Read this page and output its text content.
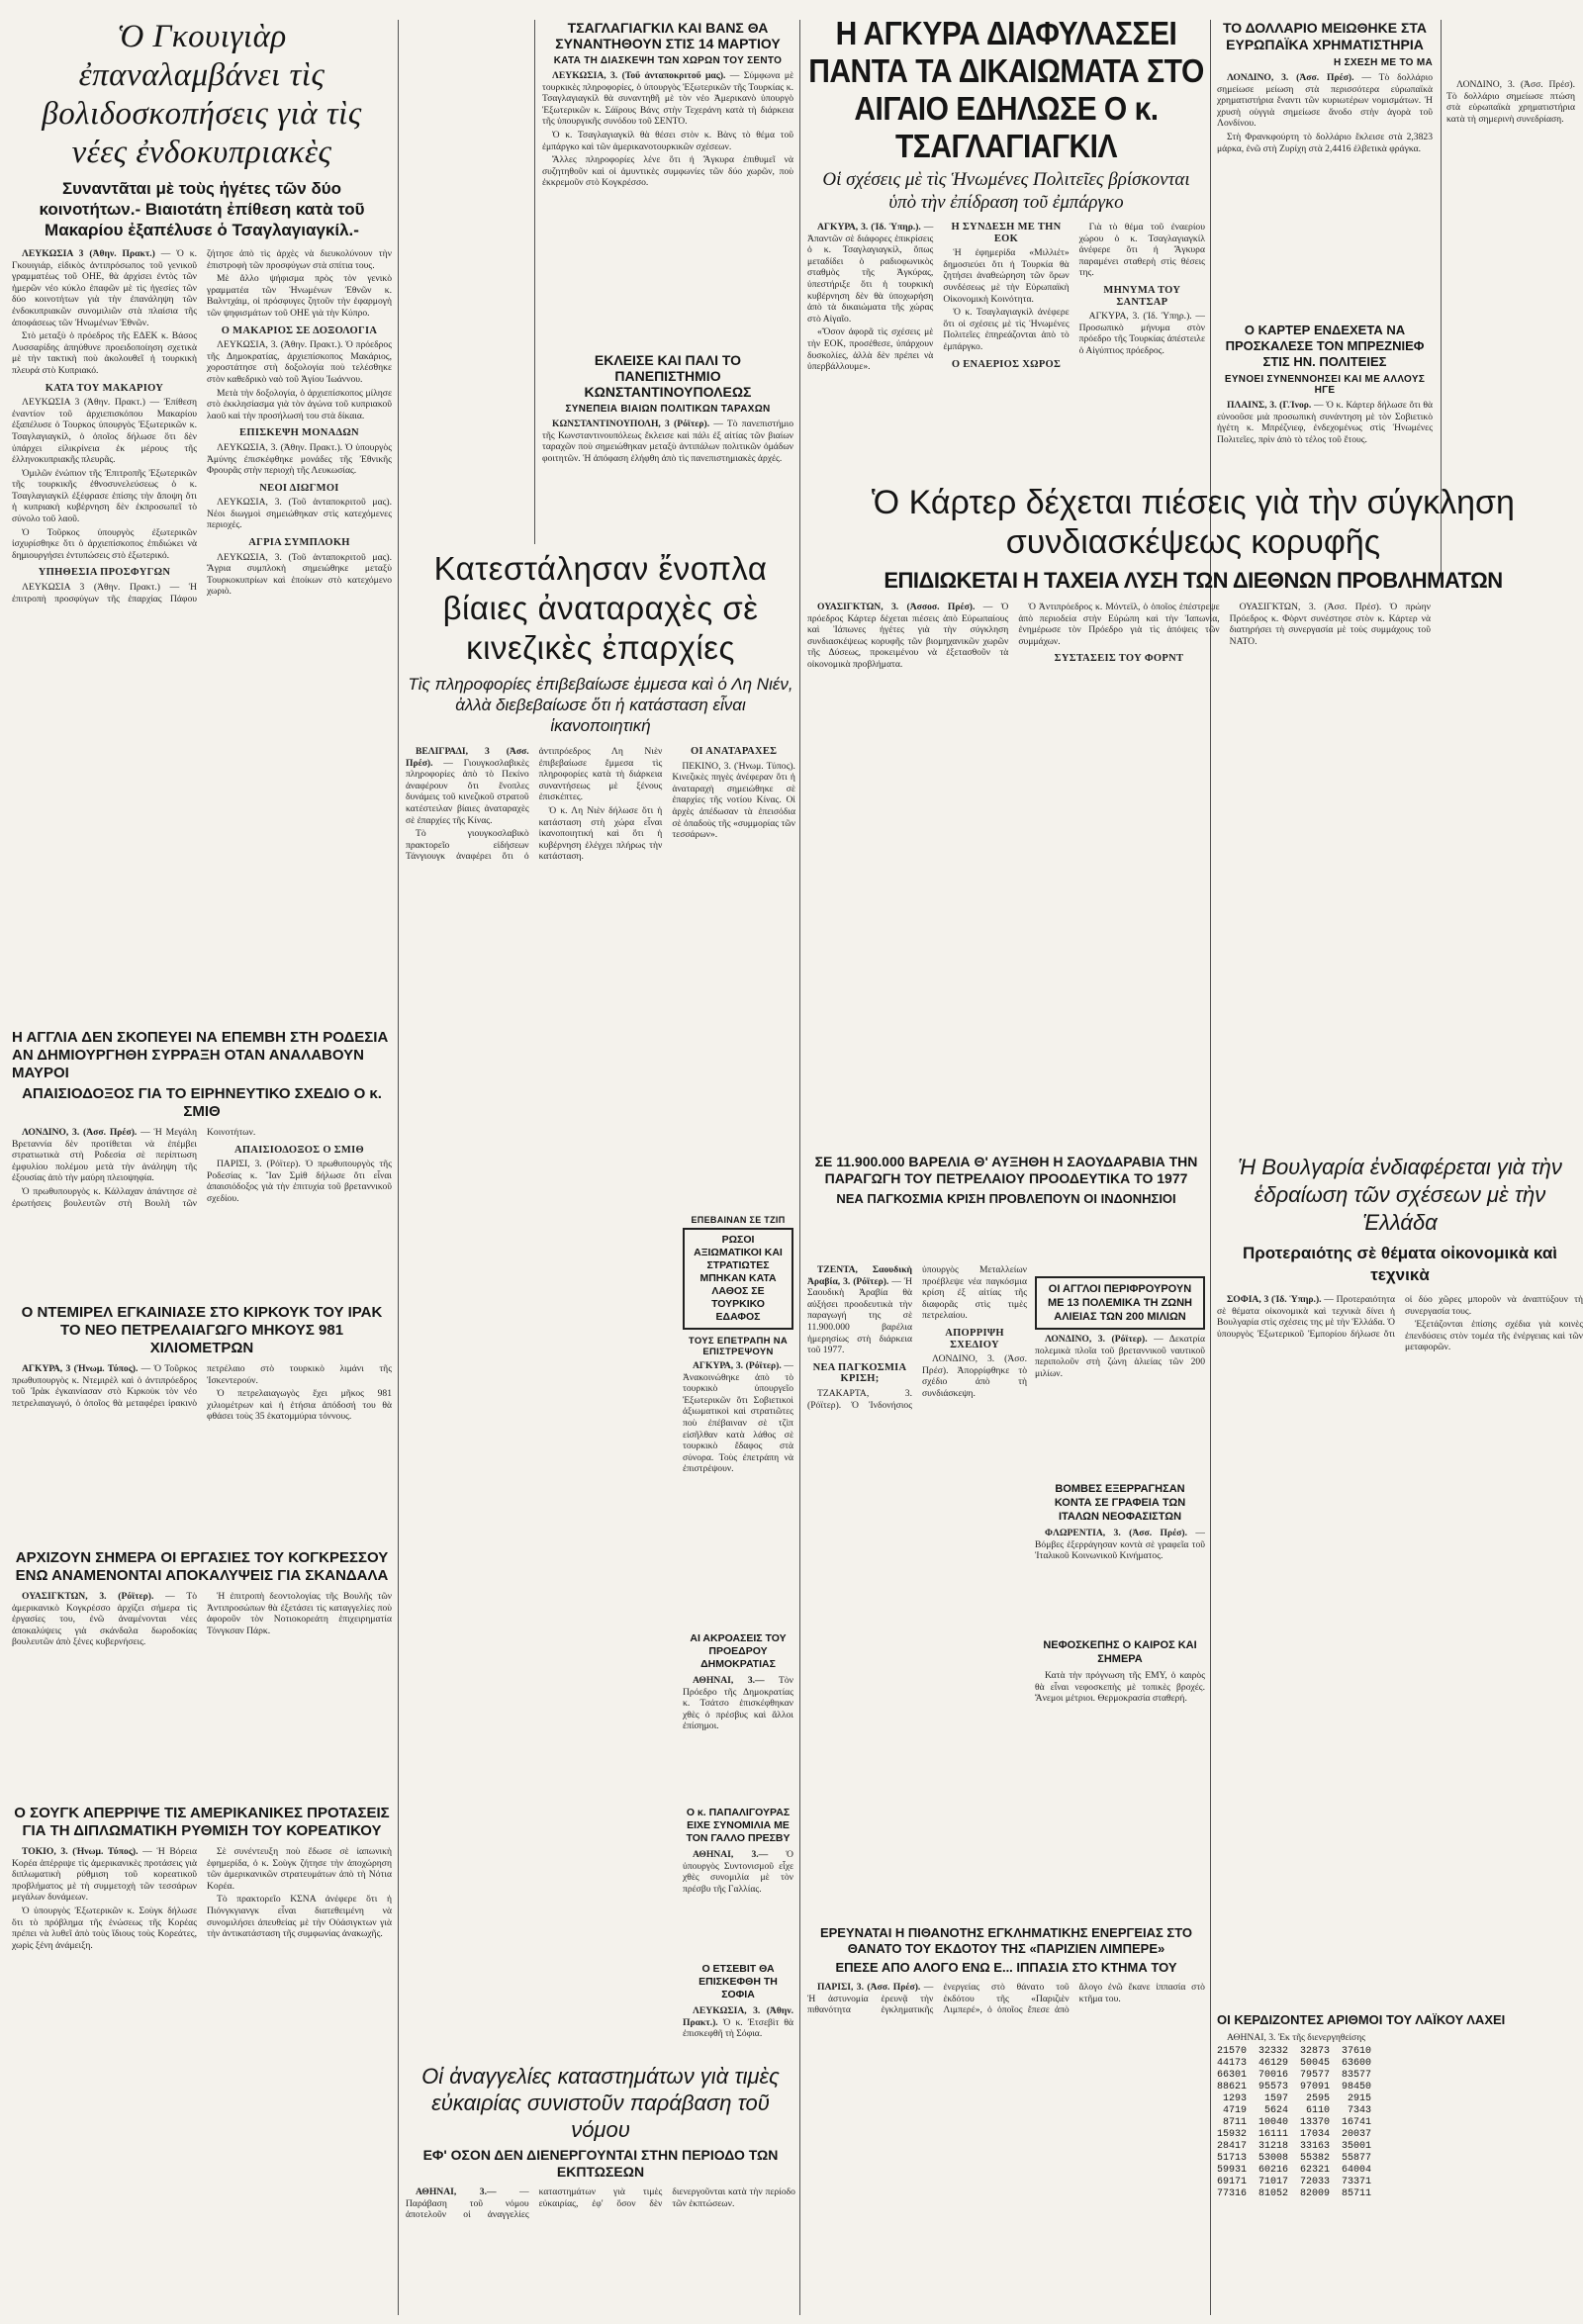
Ὁ Γκουιγιὰρ ἐπαναλαμβάνει τὶς βολιδοσκοπήσεις γιὰ τὶς νέες ἐνδοκυπριακὲς
Συναντᾶται μὲ τοὺς ἡγέτες τῶν δύο κοινοτήτων.- Βιαιοτάτη ἐπίθεση κατὰ τοῦ Μακαρίου ἐξαπέλυσε ὁ Τσαγλαγιαγκίλ.-

ΛΕΥΚΩΣΙΑ 3 (Ἀθην. Πρακτ.) — Ὁ κ. Γκουιγιάρ, εἰδικὸς ἀντιπρόσωπος τοῦ γενικοῦ γραμματέως τοῦ ΟΗΕ, θὰ ἀρχίσει ἐντὸς τῶν ἡμερῶν νέο κύκλο ἐπαφῶν μὲ τὶς ἡγεσίες τῶν δύο κοινοτήτων γιὰ τὴν ἐπανάληψη τῶν ἐνδοκυπριακῶν συνομιλιῶν στὰ πλαίσια τῆς ἀποφάσεως τῶν Ἡνωμένων Ἐθνῶν.

Στὸ μεταξὺ ὁ πρόεδρος τῆς ΕΔΕΚ κ. Βάσος Λυσσαρίδης ἀπηύθυνε προειδοποίηση σχετικὰ μὲ τὴν τακτικὴ ποὺ ἀκολουθεῖ ἡ τουρκικὴ πλευρά στὸ Κυπριακό.

ΚΑΤΑ ΤΟΥ ΜΑΚΑΡΙΟΥ

ΛΕΥΚΩΣΙΑ 3 (Ἀθην. Πρακτ.) — Ἐπίθεση ἐναντίον τοῦ ἀρχιεπισκόπου Μακαρίου ἐξαπέλυσε ὁ Τουρκος ὑπουργὸς Ἐξωτερικῶν κ. Τσαγλαγιαγκίλ, ὁ ὁποῖος δήλωσε ὅτι δὲν ὑπάρχει εἰλικρίνεια ἐκ μέρους τῆς ἑλληνοκυπριακῆς πλευρᾶς.

Ὁμιλῶν ἐνώπιον τῆς Ἐπιτροπῆς Ἐξωτερικῶν τῆς τουρκικῆς ἐθνοσυνελεύσεως ὁ κ. Τσαγλαγιαγκίλ ἐξέφρασε ἐπίσης τὴν ἄποψη ὅτι ἡ κυπριακὴ κυβέρνηση δὲν ἐκπροσωπεῖ τὸ σύνολο τοῦ λαοῦ.

Ὁ Τοῦρκος ὑπουργὸς ἐξωτερικῶν ἰσχυρίσθηκε ὅτι ὁ ἀρχιεπίσκοπος ἐπιδιώκει νὰ δημιουργήσει ἐντυπώσεις στὸ ἐξωτερικό.

ΥΠΗΘΕΣΙΑ ΠΡΟΣΦΥΓΩΝ

ΛΕΥΚΩΣΙΑ 3 (Ἀθην. Πρακτ.) — Ἡ ἐπιτροπὴ προσφύγων τῆς ἐπαρχίας Πάφου ζήτησε ἀπὸ τὶς ἀρχὲς νὰ διευκολύνουν τὴν ἐπιστροφὴ τῶν προσφύγων στὰ σπίτια τους.

Μὲ ἄλλο ψήφισμα πρὸς τὸν γενικὸ γραμματέα τῶν Ἡνωμένων Ἐθνῶν κ. Βαλντχάιμ, οἱ πρόσφυγες ζητοῦν τὴν ἐφαρμογὴ τῶν ψηφισμάτων τοῦ ΟΗΕ γιὰ τὴν Κύπρο.

Ο ΜΑΚΑΡΙΟΣ ΣΕ ΔΟΞΟΛΟΓΙΑ

ΛΕΥΚΩΣΙΑ, 3. (Ἀθην. Πρακτ.). Ὁ πρόεδρος τῆς Δημοκρατίας, ἀρχιεπίσκοπος Μακάριος, χοροστάτησε στὴ δοξολογία ποὺ τελέσθηκε στὸν καθεδρικὸ ναὸ τοῦ Ἁγίου Ἰωάννου.

Μετὰ τὴν δοξολογία, ὁ ἀρχιεπίσκοπος μίλησε στὸ ἐκκλησίασμα γιὰ τὸν ἀγώνα τοῦ κυπριακοῦ λαοῦ καὶ τὴν προσήλωσή του στὰ δίκαια.

ΕΠΙΣΚΕΨΗ ΜΟΝΑΔΩΝ

ΛΕΥΚΩΣΙΑ, 3. (Ἀθην. Πρακτ.). Ὁ ὑπουργὸς Ἀμύνης ἐπισκέφθηκε μονάδες τῆς Ἐθνικῆς Φρουρᾶς στὴν περιοχὴ τῆς Λευκωσίας.

ΝΕΟΙ ΔΙΩΓΜΟΙ

ΛΕΥΚΩΣΙΑ, 3. (Τοῦ ἀνταποκριτοῦ μας). Νέοι διωγμοὶ σημειώθηκαν στὶς κατεχόμενες περιοχές.

ΑΓΡΙΑ ΣΥΜΠΛΟΚΗ

ΛΕΥΚΩΣΙΑ, 3. (Τοῦ ἀνταποκριτοῦ μας). Ἄγρια συμπλοκὴ σημειώθηκε μεταξὺ Τουρκοκυπρίων καὶ ἐποίκων στὸ κατεχόμενο χωριὸ.

ΤΣΑΓΛΑΓΙΑΓΚΙΛ ΚΑΙ ΒΑΝΣ ΘΑ ΣΥΝΑΝΤΗΘΟΥΝ ΣΤΙΣ 14 ΜΑΡΤΙΟΥ
ΚΑΤΑ ΤΗ ΔΙΑΣΚΕΨΗ ΤΩΝ ΧΩΡΩΝ ΤΟΥ ΣΕΝΤΟ

ΛΕΥΚΩΣΙΑ, 3. (Τοῦ ἀνταποκριτοῦ μας). — Σύμφωνα μὲ τουρκικὲς πληροφορίες, ὁ ὑπουργὸς Ἐξωτερικῶν τῆς Τουρκίας κ. Τσαγλαγιαγκίλ θὰ συναντηθῆ μὲ τὸν νέο Ἀμερικανὸ ὑπουργὸ Ἐξωτερικῶν κ. Σάϊρους Βάνς στὴν Τεχεράνη κατὰ τὴ διάρκεια τῆς ὑπουργικῆς συνόδου τοῦ ΣΕΝΤΟ.

Ὁ κ. Τσαγλαγιαγκίλ θὰ θέσει στὸν κ. Βὰνς τὸ θέμα τοῦ ἐμπάργκο καὶ τῶν ἀμερικανοτουρκικῶν σχέσεων.

Ἄλλες πληροφορίες λένε ὅτι ἡ Ἄγκυρα ἐπιθυμεῖ νὰ συζητηθοῦν καὶ οἱ ἀμυντικὲς συμφωνίες τῶν δύο χωρῶν, ποὺ ἐκκρεμοῦν στὸ Κογκρέσσο.

ΕΚΛΕΙΣΕ ΚΑΙ ΠΑΛΙ ΤΟ ΠΑΝΕΠΙΣΤΗΜΙΟ ΚΩΝΣΤΑΝΤΙΝΟΥΠΟΛΕΩΣ
ΣΥΝΕΠΕΙΑ ΒΙΑΙΩΝ ΠΟΛΙΤΙΚΩΝ ΤΑΡΑΧΩΝ

ΚΩΝΣΤΑΝΤΙΝΟΥΠΟΛΗ, 3 (Ρόϊτερ). — Τὸ πανεπιστήμιο τῆς Κωνσταντινουπόλεως ἔκλεισε καὶ πάλι ἐξ αἰτίας τῶν βιαίων ταραχῶν ποὺ σημειώθηκαν μεταξὺ ἀντιπάλων πολιτικῶν ὁμάδων φοιτητῶν. Ἡ ἀπόφαση ἐλήφθη ἀπὸ τὶς πανεπιστημιακὲς ἀρχές.

Η ΑΓΚΥΡΑ ΔΙΑΦΥΛΑΣΣΕΙ ΠΑΝΤΑ ΤΑ ΔΙΚΑΙΩΜΑΤΑ ΣΤΟ ΑΙΓΑΙΟ ΕΔΗΛΩΣΕ Ο κ. ΤΣΑΓΛΑΓΙΑΓΚΙΛ
Οἱ σχέσεις μὲ τὶς Ἡνωμένες Πολιτεῖες βρίσκονται ὑπὸ τὴν ἐπίδραση τοῦ ἐμπάργκο

ΑΓΚΥΡΑ, 3. (Ἰδ. Ὑπηρ.). — Ἀπαντῶν σὲ διάφορες ἐπικρίσεις ὁ κ. Τσαγλαγιαγκίλ, ὅπως μεταδίδει ὁ ραδιοφωνικὸς σταθμὸς τῆς Ἀγκύρας, ὑπεστήριξε ὅτι ἡ τουρκικὴ κυβέρνηση δὲν θὰ ὑποχωρήση ἀπὸ τὰ δικαιώματα τῆς χώρας στὸ Αἰγαῖο.

«Ὅσον ἀφορᾶ τὶς σχέσεις μὲ τὴν ΕΟΚ, προσέθεσε, ὑπάρχουν δυσκολίες, ἀλλὰ δὲν πρέπει νὰ ὑπερβάλλουμε».

Η ΣΥΝΔΕΣΗ ΜΕ ΤΗΝ ΕΟΚ

Ἡ ἐφημερίδα «Μιλλιέτ» δημοσιεύει ὅτι ἡ Τουρκία θὰ ζητήσει ἀναθεώρηση τῶν ὅρων συνδέσεως μὲ τὴν Εὐρωπαϊκὴ Οἰκονομικὴ Κοινότητα.

Ὁ κ. Τσαγλαγιαγκίλ ἀνέφερε ὅτι οἱ σχέσεις μὲ τὶς Ἡνωμένες Πολιτεῖες ἐπηρεάζονται ἀπὸ τὸ ἐμπάργκο.

Ο ΕΝΑΕΡΙΟΣ ΧΩΡΟΣ

Γιὰ τὸ θέμα τοῦ ἐναερίου χώρου ὁ κ. Τσαγλαγιαγκίλ ἀνέφερε ὅτι ἡ Ἄγκυρα παραμένει σταθερὴ στὶς θέσεις της.

ΜΗΝΥΜΑ ΤΟΥ ΣΑΝΤΣΑΡ

ΑΓΚΥΡΑ, 3. (Ἰδ. Ὑπηρ.). — Προσωπικὸ μήνυμα στὸν πρόεδρο τῆς Τουρκίας ἀπέστειλε ὁ Αἰγύπτιος πρόεδρος.

ΤΟ ΔΟΛΛΑΡΙΟ ΜΕΙΩΘΗΚΕ ΣΤΑ ΕΥΡΩΠΑΪΚΑ ΧΡΗΜΑΤΙΣΤΗΡΙΑ
Η ΣΧΕΣΗ ΜΕ ΤΟ ΜΑ

ΛΟΝΔΙΝΟ, 3. (Ἀσσ. Πρέσ). — Τὸ δολλάριο σημείωσε μείωση στὰ περισσότερα εὐρωπαϊκὰ χρηματιστήρια ἔναντι τῶν κυριωτέρων νομισμάτων. Ἡ χρυσὴ οὐγγιὰ σημείωσε ἄνοδο στὴν ἀγορὰ τοῦ Λονδίνου.

Στὴ Φρανκφούρτη τὸ δολλάριο ἔκλεισε στὰ 2,3823 μάρκα, ἐνῶ στὴ Ζυρίχη στὰ 2,4416 ἑλβετικὰ φράγκα.

Ο ΚΑΡΤΕΡ ΕΝΔΕΧΕΤΑ ΝΑ ΠΡΟΣΚΑΛΕΣΕ ΤΟΝ ΜΠΡΕΖΝΙΕΦ ΣΤΙΣ ΗΝ. ΠΟΛΙΤΕΙΕΣ
ΕΥΝΟΕΙ ΣΥΝΕΝΝΟΗΣΕΙ ΚΑΙ ΜΕ ΑΛΛΟΥΣ ΗΓΕ

ΠΛΑΙΝΣ, 3. (Γ.Ἰνορ. — Ὁ κ. Κάρτερ δήλωσε ὅτι θὰ εὐνοοῦσε μιὰ προσωπικὴ συνάντηση μὲ τὸν Σοβιετικὸ ἡγέτη κ. Μπρέζνιεφ, ἐνδεχομένως στὶς Ἡνωμένες Πολιτεῖες, πρὶν ἀπὸ τὸ τέλος τοῦ ἔτους.

ΛΟΝΔΙΝΟ, 3. (Ἀσσ. Πρέσ). Τὸ δολλάριο σημείωσε πτώση στὰ εὐρωπαϊκὰ χρηματιστήρια κατὰ τὴ σημερινὴ συνεδρίαση.

Κατεστάλησαν ἔνοπλα βίαιες ἀναταραχὲς σὲ κινεζικὲς ἐπαρχίες
Τὶς πληροφορίες ἐπιβεβαίωσε ἐμμεσα καὶ ὁ Λη Νιέν, ἀλλὰ διεβεβαίωσε ὅτι ἡ κατάσταση εἶναι ἱκανοποιητική

ΒΕΛΙΓΡΑΔΙ, 3 (Ἀσσ. Πρέσ). — Γιουγκοσλαβικὲς πληροφορίες ἀπὸ τὸ Πεκίνο ἀναφέρουν ὅτι ἔνοπλες δυνάμεις τοῦ κινεζικοῦ στρατοῦ κατέστειλαν βίαιες ἀναταραχὲς σὲ ἐπαρχίες τῆς Κίνας.

Τὸ γιουγκοσλαβικὸ πρακτορεῖο εἰδήσεων Τάνγιουγκ ἀναφέρει ὅτι ὁ ἀντιπρόεδρος Λη Νιὲν ἐπιβεβαίωσε ἔμμεσα τὶς πληροφορίες κατὰ τὴ διάρκεια συναντήσεως μὲ ξένους ἐπισκέπτες.

Ὁ κ. Λη Νιὲν δήλωσε ὅτι ἡ κατάσταση στὴ χώρα εἶναι ἱκανοποιητική καὶ ὅτι ἡ κυβέρνηση ἐλέγχει πλήρως τὴν κατάσταση.

ΟΙ ΑΝΑΤΑΡΑΧΕΣ

ΠΕΚΙΝΟ, 3. (Ἡνωμ. Τύπος). Κινεζικὲς πηγὲς ἀνέφεραν ὅτι ἡ ἀναταραχὴ σημειώθηκε σὲ ἐπαρχίες τῆς νοτίου Κίνας. Οἱ ἀρχὲς ἀπέδωσαν τὰ ἐπεισόδια σὲ ὀπαδοὺς τῆς «συμμορίας τῶν τεσσάρων».

Η ΑΓΓΛΙΑ ΔΕΝ ΣΚΟΠΕΥΕΙ ΝΑ ΕΠΕΜΒΗ ΣΤΗ ΡΟΔΕΣΙΑ ΑΝ ΔΗΜΙΟΥΡΓΗΘΗ ΣΥΡΡΑΞΗ ΟΤΑΝ ΑΝΑΛΑΒΟΥΝ ΜΑΥΡΟΙ
ΑΠΑΙΣΙΟΔΟΞΟΣ ΓΙΑ ΤΟ ΕΙΡΗΝΕΥΤΙΚΟ ΣΧΕΔΙΟ Ο κ. ΣΜΙΘ

ΛΟΝΔΙΝΟ, 3. (Ἀσσ. Πρέσ). — Ἡ Μεγάλη Βρεταννία δὲν προτίθεται νὰ ἐπέμβει στρατιωτικὰ στὴ Ροδεσία σὲ περίπτωση ἐμφυλίου πολέμου μετὰ τὴν ἀνάληψη τῆς ἐξουσίας ἀπὸ τὴν μαύρη πλειοψηφία.

Ὁ πρωθυπουργὸς κ. Κάλλαχαν ἀπάντησε σὲ ἐρωτήσεις βουλευτῶν στὴ Βουλὴ τῶν Κοινοτήτων.

ΑΠΑΙΣΙΟΔΟΞΟΣ Ο ΣΜΙΘ

ΠΑΡΙΣΙ, 3. (Ρόϊτερ). Ὁ πρωθυπουργὸς τῆς Ροδεσίας κ. Ἴαν Σμὶθ δήλωσε ὅτι εἶναι ἀπαισιόδοξος γιὰ τὴν ἐπιτυχία τοῦ βρεταννικοῦ σχεδίου.

Ο ΝΤΕΜΙΡΕΛ ΕΓΚΑΙΝΙΑΣΕ ΣΤΟ ΚΙΡΚΟΥΚ ΤΟΥ ΙΡΑΚ ΤΟ ΝΕΟ ΠΕΤΡΕΛΑΙΑΓΩΓΟ ΜΗΚΟΥΣ 981 ΧΙΛΙΟΜΕΤΡΩΝ

ΑΓΚΥΡΑ, 3 (Ἡνωμ. Τύπος). — Ὁ Τοῦρκος πρωθυπουργὸς κ. Ντεμιρὲλ καὶ ὁ ἀντιπρόεδρος τοῦ Ἰρὰκ ἐγκαινίασαν στὸ Κιρκοὺκ τὸν νέο πετρελαιαγωγό, ὁ ὁποῖος θὰ μεταφέρει ἰρακινὸ πετρέλαιο στὸ τουρκικὸ λιμάνι τῆς Ἰσκεντερούν.

Ὁ πετρελαιαγωγὸς ἔχει μῆκος 981 χιλιομέτρων καὶ ἡ ἐτήσια ἀπόδοσή του θὰ φθάσει τοὺς 35 ἑκατομμύρια τόννους.

ΑΡΧΙΖΟΥΝ ΣΗΜΕΡΑ ΟΙ ΕΡΓΑΣΙΕΣ ΤΟΥ ΚΟΓΚΡΕΣΣΟΥ ΕΝΩ ΑΝΑΜΕΝΟΝΤΑΙ ΑΠΟΚΑΛΥΨΕΙΣ ΓΙΑ ΣΚΑΝΔΑΛΑ

ΟΥΑΣΙΓΚΤΩΝ, 3. (Ρόϊτερ). — Τὸ ἀμερικανικὸ Κογκρέσσο ἀρχίζει σήμερα τὶς ἐργασίες του, ἐνῶ ἀναμένονται νέες ἀποκαλύψεις γιὰ σκάνδαλα δωροδοκίας βουλευτῶν ἀπὸ ξένες κυβερνήσεις.

Ἡ ἐπιτροπὴ δεοντολογίας τῆς Βουλῆς τῶν Ἀντιπροσώπων θὰ ἐξετάσει τὶς καταγγελίες ποὺ ἀφοροῦν τὸν Νοτιοκορεάτη ἐπιχειρηματία Τόνγκσαν Πάρκ.

Ο ΣΟΥΓΚ ΑΠΕΡΡΙΨΕ ΤΙΣ ΑΜΕΡΙΚΑΝΙΚΕΣ ΠΡΟΤΑΣΕΙΣ ΓΙΑ ΤΗ ΔΙΠΛΩΜΑΤΙΚΗ ΡΥΘΜΙΣΗ ΤΟΥ ΚΟΡΕΑΤΙΚΟΥ

ΤΟΚΙΟ, 3. (Ἡνωμ. Τύπος). — Ἡ Βόρεια Κορέα ἀπέρριψε τὶς ἀμερικανικὲς προτάσεις γιὰ διπλωματικὴ ρύθμιση τοῦ κορεατικοῦ προβλήματος μὲ τὴ συμμετοχὴ τῶν τεσσάρων μεγάλων δυνάμεων.

Ὁ ὑπουργὸς Ἐξωτερικῶν κ. Σοὺγκ δήλωσε ὅτι τὸ πρόβλημα τῆς ἑνώσεως τῆς Κορέας πρέπει νὰ λυθεῖ ἀπὸ τοὺς ἴδιους τοὺς Κορεάτες, χωρὶς ξένη ἀνάμειξη.

Σὲ συνέντευξη ποὺ ἔδωσε σὲ ἰαπωνικὴ ἐφημερίδα, ὁ κ. Σοὺγκ ζήτησε τὴν ἀποχώρηση τῶν ἀμερικανικῶν στρατευμάτων ἀπὸ τὴ Νότια Κορέα.

Τὸ πρακτορεῖο ΚΣΝΑ ἀνέφερε ὅτι ἡ Πιόνγκγιανγκ εἶναι διατεθειμένη νὰ συνομιλήσει ἀπευθείας μὲ τὴν Οὐάσιγκτων γιὰ τὴν ἀντικατάσταση τῆς συμφωνίας ἀνακωχῆς.

ΕΠΕΒΑΙΝΑΝ ΣΕ ΤΖΙΠ
ΡΩΣΟΙ ΑΞΙΩΜΑΤΙΚΟΙ ΚΑΙ ΣΤΡΑΤΙΩΤΕΣ ΜΠΗΚΑΝ ΚΑΤΑ ΛΑΘΟΣ ΣΕ ΤΟΥΡΚΙΚΟ ΕΔΑΦΟΣ
ΤΟΥΣ ΕΠΕΤΡΑΠΗ ΝΑ ΕΠΙΣΤΡΕΨΟΥΝ

ΑΓΚΥΡΑ, 3. (Ρόϊτερ). — Ἀνακοινώθηκε ἀπὸ τὸ τουρκικὸ ὑπουργεῖο Ἐξωτερικῶν ὅτι Σοβιετικοὶ ἀξιωματικοὶ καὶ στρατιῶτες ποὺ ἐπέβαιναν σὲ τζὶπ εἰσῆλθαν κατὰ λάθος σὲ τουρκικὸ ἔδαφος στὰ σύνορα. Τοὺς ἐπετράπη νὰ ἐπιστρέψουν.

ΑΙ ΑΚΡΟΑΣΕΙΣ ΤΟΥ ΠΡΟΕΔΡΟΥ ΔΗΜΟΚΡΑΤΙΑΣ

ΑΘΗΝΑΙ, 3.— Τὸν Πρόεδρο τῆς Δημοκρατίας κ. Τσάτσο ἐπισκέφθηκαν χθὲς ὁ πρέσβυς καὶ ἄλλοι ἐπίσημοι.

Ο κ. ΠΑΠΑΛΙΓΟΥΡΑΣ ΕΙΧΕ ΣΥΝΟΜΙΛΙΑ ΜΕ ΤΟΝ ΓΑΛΛΟ ΠΡΕΣΒΥ

ΑΘΗΝΑΙ, 3.— Ὁ ὑπουργὸς Συντονισμοῦ εἶχε χθὲς συνομιλία μὲ τὸν πρέσβυ τῆς Γαλλίας.

Ο ΕΤΣΕΒΙΤ ΘΑ ΕΠΙΣΚΕΦΘΗ ΤΗ ΣΟΦΙΑ

ΛΕΥΚΩΣΙΑ, 3. (Ἀθην. Πρακτ.). Ὁ κ. Ἐτσεβὶτ θὰ ἐπισκεφθῆ τὴ Σόφια.

Οἱ ἀναγγελίες καταστημάτων γιὰ τιμὲς εὐκαιρίας συνιστοῦν παράβαση τοῦ νόμου
ΕΦ' ΟΣΟΝ ΔΕΝ ΔΙΕΝΕΡΓΟΥΝΤΑΙ ΣΤΗΝ ΠΕΡΙΟΔΟ ΤΩΝ ΕΚΠΤΩΣΕΩΝ

ΑΘΗΝΑΙ, 3.— — Παράβαση τοῦ νόμου ἀποτελοῦν οἱ ἀναγγελίες καταστημάτων γιὰ τιμὲς εὐκαιρίας, ἐφ' ὅσον δὲν διενεργοῦνται κατὰ τὴν περίοδο τῶν ἐκπτώσεων.

Ὁ Κάρτερ δέχεται πιέσεις γιὰ τὴν σύγκληση συνδιασκέψεως κορυφῆς
ΕΠΙΔΙΩΚΕΤΑΙ Η ΤΑΧΕΙΑ ΛΥΣΗ ΤΩΝ ΔΙΕΘΝΩΝ ΠΡΟΒΛΗΜΑΤΩΝ

ΟΥΑΣΙΓΚΤΩΝ, 3. (Ἀσσοσ. Πρέσ). — Ὁ πρόεδρος Κάρτερ δέχεται πιέσεις ἀπὸ Εὐρωπαίους καὶ Ἰάπωνες ἡγέτες γιὰ τὴν σύγκληση συνδιασκέψεως κορυφῆς τῶν βιομηχανικῶν χωρῶν τῆς Δύσεως, προκειμένου νὰ ἐξετασθοῦν τὰ οἰκονομικὰ προβλήματα.

Ὁ Ἀντιπρόεδρος κ. Μόντεϊλ, ὁ ὁποῖος ἐπέστρεψε ἀπὸ περιοδεία στὴν Εὐρώπη καὶ τὴν Ἰαπωνία, ἐνημέρωσε τὸν Πρόεδρο γιὰ τὶς ἀπόψεις τῶν συμμάχων.

ΣΥΣΤΑΣΕΙΣ ΤΟΥ ΦΟΡΝΤ

ΟΥΑΣΙΓΚΤΩΝ, 3. (Ἀσσ. Πρέσ). Ὁ πρώην Πρόεδρος κ. Φὸρντ συνέστησε στὸν κ. Κάρτερ νὰ διατηρήσει τὴ συνεργασία μὲ τοὺς συμμάχους τοῦ ΝΑΤΟ.

ΣΕ 11.900.000 ΒΑΡΕΛΙΑ Θ' ΑΥΞΗΘΗ Η ΣΑΟΥΔΑΡΑΒΙΑ ΤΗΝ ΠΑΡΑΓΩΓΗ ΤΟΥ ΠΕΤΡΕΛΑΙΟΥ ΠΡΟΟΔΕΥΤΙΚΑ ΤΟ 1977
ΝΕΑ ΠΑΓΚΟΣΜΙΑ ΚΡΙΣΗ ΠΡΟΒΛΕΠΟΥΝ ΟΙ ΙΝΔΟΝΗΣΙΟΙ

ΤΖΕΝΤΑ, Σαουδικὴ Ἀραβία, 3. (Ρόϊτερ). — Ἡ Σαουδικὴ Ἀραβία θὰ αὐξήσει προοδευτικὰ τὴν παραγωγή της σὲ 11.900.000 βαρέλια ἡμερησίως στὴ διάρκεια τοῦ 1977.

ΝΕΑ ΠΑΓΚΟΣΜΙΑ ΚΡΙΣΗ;

ΤΖΑΚΑΡΤΑ, 3. (Ρόϊτερ). Ὁ Ἰνδονήσιος ὑπουργὸς Μεταλλείων προέβλεψε νέα παγκόσμια κρίση ἐξ αἰτίας τῆς διαφορᾶς στὶς τιμὲς πετρελαίου.

ΑΠΟΡΡΙΨΗ ΣΧΕΔΙΟΥ

ΛΟΝΔΙΝΟ, 3. (Ἀσσ. Πρέσ). Ἀπορρίφθηκε τὸ σχέδιο ἀπὸ τὴ συνδιάσκεψη.

ΟΙ ΑΓΓΛΟΙ ΠΕΡΙΦΡΟΥΡΟΥΝ ΜΕ 13 ΠΟΛΕΜΙΚΑ ΤΗ ΖΩΝΗ ΑΛΙΕΙΑΣ ΤΩΝ 200 ΜΙΛΙΩΝ

ΛΟΝΔΙΝΟ, 3. (Ρόϊτερ). — Δεκατρία πολεμικὰ πλοῖα τοῦ βρεταννικοῦ ναυτικοῦ περιπολοῦν στὴ ζώνη ἁλιείας τῶν 200 μιλίων.

ΒΟΜΒΕΣ ΕΞΕΡΡΑΓΗΣΑΝ ΚΟΝΤΑ ΣΕ ΓΡΑΦΕΙΑ ΤΩΝ ΙΤΑΛΩΝ ΝΕΟΦΑΣΙΣΤΩΝ

ΦΛΩΡΕΝΤΙΑ, 3. (Ἀσσ. Πρέσ). — Βόμβες ἐξερράγησαν κοντὰ σὲ γραφεῖα τοῦ Ἰταλικοῦ Κοινωνικοῦ Κινήματος.

ΝΕΦΟΣΚΕΠΗΣ Ο ΚΑΙΡΟΣ ΚΑΙ ΣΗΜΕΡΑ

Κατὰ τὴν πρόγνωση τῆς ΕΜΥ, ὁ καιρὸς θὰ εἶναι νεφοσκεπὴς μὲ τοπικὲς βροχές. Ἄνεμοι μέτριοι. Θερμοκρασία σταθερή.

ΕΡΕΥΝΑΤΑΙ Η ΠΙΘΑΝΟΤΗΣ ΕΓΚΛΗΜΑΤΙΚΗΣ ΕΝΕΡΓΕΙΑΣ ΣΤΟ ΘΑΝΑΤΟ ΤΟΥ ΕΚΔΟΤΟΥ ΤΗΣ «ΠΑΡΙΖΙΕΝ ΛΙΜΠΕΡΕ»
ΕΠΕΣΕ ΑΠΟ ΑΛΟΓΟ ΕΝΩ Ε... ΙΠΠΑΣΙΑ ΣΤΟ ΚΤΗΜΑ ΤΟΥ

ΠΑΡΙΣΙ, 3. (Ἀσσ. Πρέσ). — Ἡ ἀστυνομία ἐρευνᾷ τὴν πιθανότητα ἐγκληματικῆς ἐνεργείας στὸ θάνατο τοῦ ἐκδότου τῆς «Παριζιὲν Λιμπερέ», ὁ ὁποῖος ἔπεσε ἀπὸ ἄλογο ἐνῶ ἔκανε ἱππασία στὸ κτῆμα του.

Ἡ Βουλγαρία ἐνδιαφέρεται γιὰ τὴν ἑδραίωση τῶν σχέσεων μὲ τὴν Ἑλλάδα
Προτεραιότης σὲ θέματα οἰκονομικὰ καὶ τεχνικὰ

ΣΟΦΙΑ, 3 (Ἰδ. Ὑπηρ.). — Προτεραιότητα σὲ θέματα οἰκονομικὰ καὶ τεχνικὰ δίνει ἡ Βουλγαρία στὶς σχέσεις της μὲ τὴν Ἑλλάδα. Ὁ ὑπουργὸς Ἐξωτερικοῦ Ἐμπορίου δήλωσε ὅτι οἱ δύο χῶρες μποροῦν νὰ ἀναπτύξουν τὴ συνεργασία τους.

Ἐξετάζονται ἐπίσης σχέδια γιὰ κοινὲς ἐπενδύσεις στὸν τομέα τῆς ἐνέργειας καὶ τῶν μεταφορῶν.

ΟΙ ΚΕΡΔΙΖΟΝΤΕΣ ΑΡΙΘΜΟΙ ΤΟΥ ΛΑΪΚΟΥ ΛΑΧΕΙ

ΑΘΗΝΑΙ, 3. Ἐκ τῆς διενεργηθείσης

21570  32332  32873  37610
44173  46129  50045  63600
66301  70016  79577  83577
88621  95573  97091  98450
1293   1597   2595   2915
4719   5624   6110   7343
8711  10040  13370  16741
15932  16111  17034  20037
28417  31218  33163  35001
51713  53008  55382  55877
59931  60216  62321  64004
69171  71017  72033  73371
77316  81052  82009  85711
